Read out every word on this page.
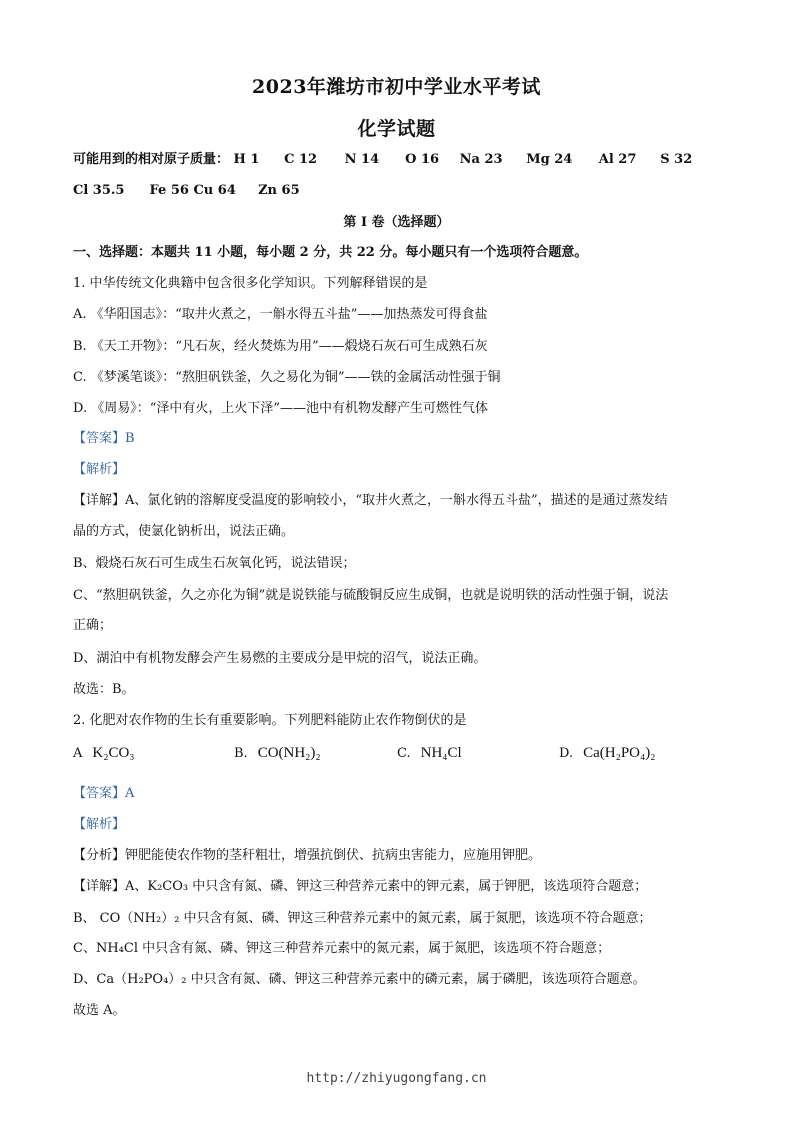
2023年潍坊市初中学业水平考试
化学试题
可能用到的相对原子质量： H 1 C 12 N 14 O 16 Na 23 Mg 24 Al 27 S 32
Cl 35.5 Fe 56 Cu 64 Zn 65
第 I 卷（选择题）
一、选择题：本题共 11 小题，每小题 2 分，共 22 分。每小题只有一个选项符合题意。
1. 中华传统文化典籍中包含很多化学知识。下列解释错误的是
A. 《华阳国志》：“取井火煮之，一斛水得五斗盐”——加热蒸发可得食盐
B. 《天工开物》：“凡石灰，经火焚炼为用”——煅烧石灰石可生成熟石灰
C. 《梦溪笔谈》：“熬胆矾铁釜，久之易化为铜”——铁的金属活动性强于铜
D. 《周易》：“泽中有火，上火下泽”——池中有机物发酵产生可燃性气体
【答案】B
【解析】
【详解】A、氯化钠的溶解度受温度的影响较小，“取井火煮之，一斛水得五斗盐”，描述的是通过蒸发结
晶的方式，使氯化钠析出，说法正确。
B、煅烧石灰石可生成生石灰氧化钙，说法错误；
C、“熬胆矾铁釜，久之亦化为铜”就是说铁能与硫酸铜反应生成铜，也就是说明铁的活动性强于铜，说法
正确；
D、湖泊中有机物发酵会产生易燃的主要成分是甲烷的沼气，说法正确。
故选：B。
2. 化肥对农作物的生长有重要影响。下列肥料能防止农作物倒伏的是
A K₂CO₃	B. CO(NH₂)₂	C. NH₄Cl	D. Ca(H₂PO₄)₂
【答案】A
【解析】
【分析】钾肥能使农作物的茎秆粗壮，增强抗倒伏、抗病虫害能力，应施用钾肥。
【详解】A、K₂CO₃ 中只含有氮、磷、钾这三种营养元素中的钾元素，属于钾肥，该选项符合题意；
B、 CO（NH₂）₂ 中只含有氮、磷、钾这三种营养元素中的氮元素，属于氮肥，该选项不符合题意；
C、NH₄Cl 中只含有氮、磷、钾这三种营养元素中的氮元素，属于氮肥，该选项不符合题意；
D、Ca（H₂PO₄）₂ 中只含有氮、磷、钾这三种营养元素中的磷元素，属于磷肥，该选项符合题意。
故选 A。
http://zhiyugongfang.cn
